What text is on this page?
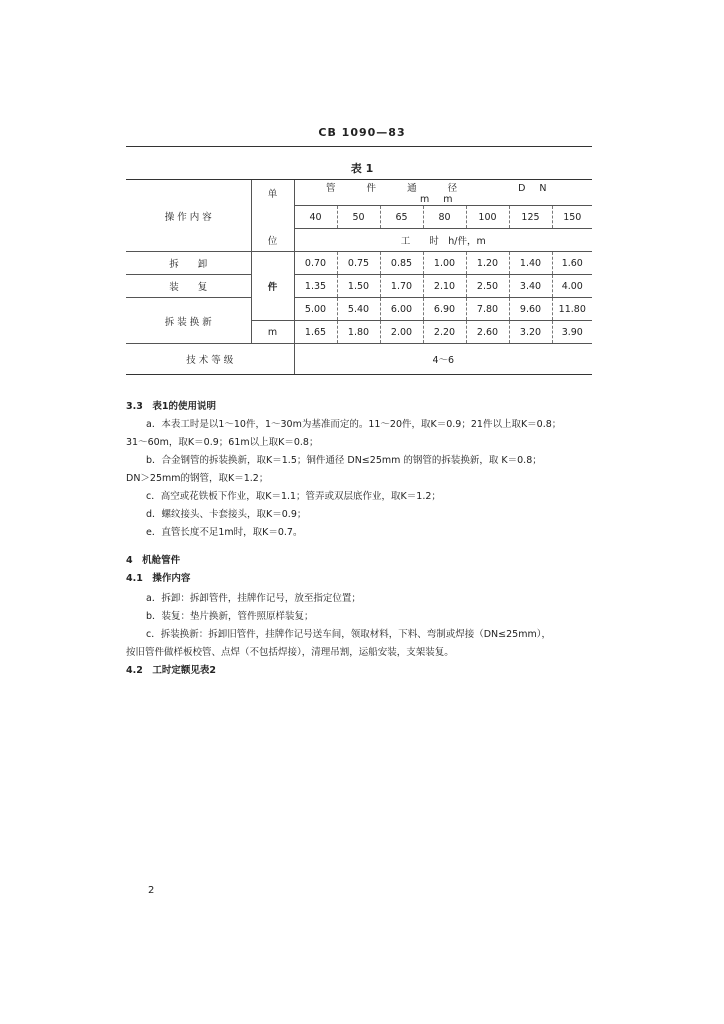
CB 1090—83
表 1
操 作 内 容	单	管 件 通 径　　DN　　mm						
		40	50	65	80	100	125	150
	位	工　　时　h/件，m						
拆　　卸	件	0.70	0.75	0.85	1.00	1.20	1.40	1.60
装　　复		1.35	1.50	1.70	2.10	2.50	3.40	4.00
拆 装 换 新		5.00	5.40	6.00	6.90	7.80	9.60	11.80
	m	1.65	1.80	2.00	2.20	2.60	3.20	3.90
技 术 等 级		4～6						
3.3　表1的使用说明
a．本表工时是以1～10件，1～30m为基准而定的。11～20件，取K＝0.9；21件以上取K＝0.8；
31～60m，取K＝0.9；61m以上取K＝0.8；
b．合金钢管的拆装换新，取K＝1.5；铜件通径 DN≤25mm 的钢管的拆装换新，取 K＝0.8；
DN＞25mm的钢管，取K＝1.2；
c．高空或花铁板下作业，取K＝1.1；管弄或双层底作业，取K＝1.2；
d．螺纹接头、卡套接头，取K＝0.9；
e．直管长度不足1m时，取K＝0.7。
4　机舱管件
4.1　操作内容
a．拆卸：拆卸管件，挂牌作记号，放至指定位置；
b．装复：垫片换新，管件照原样装复；
c．拆装换新：拆卸旧管件，挂牌作记号送车间，领取材料，下料、弯制或焊接（DN≤25mm），
按旧管件做样板校管、点焊（不包括焊接），清理吊割，运船安装，支架装复。
4.2　工时定额见表2
2
